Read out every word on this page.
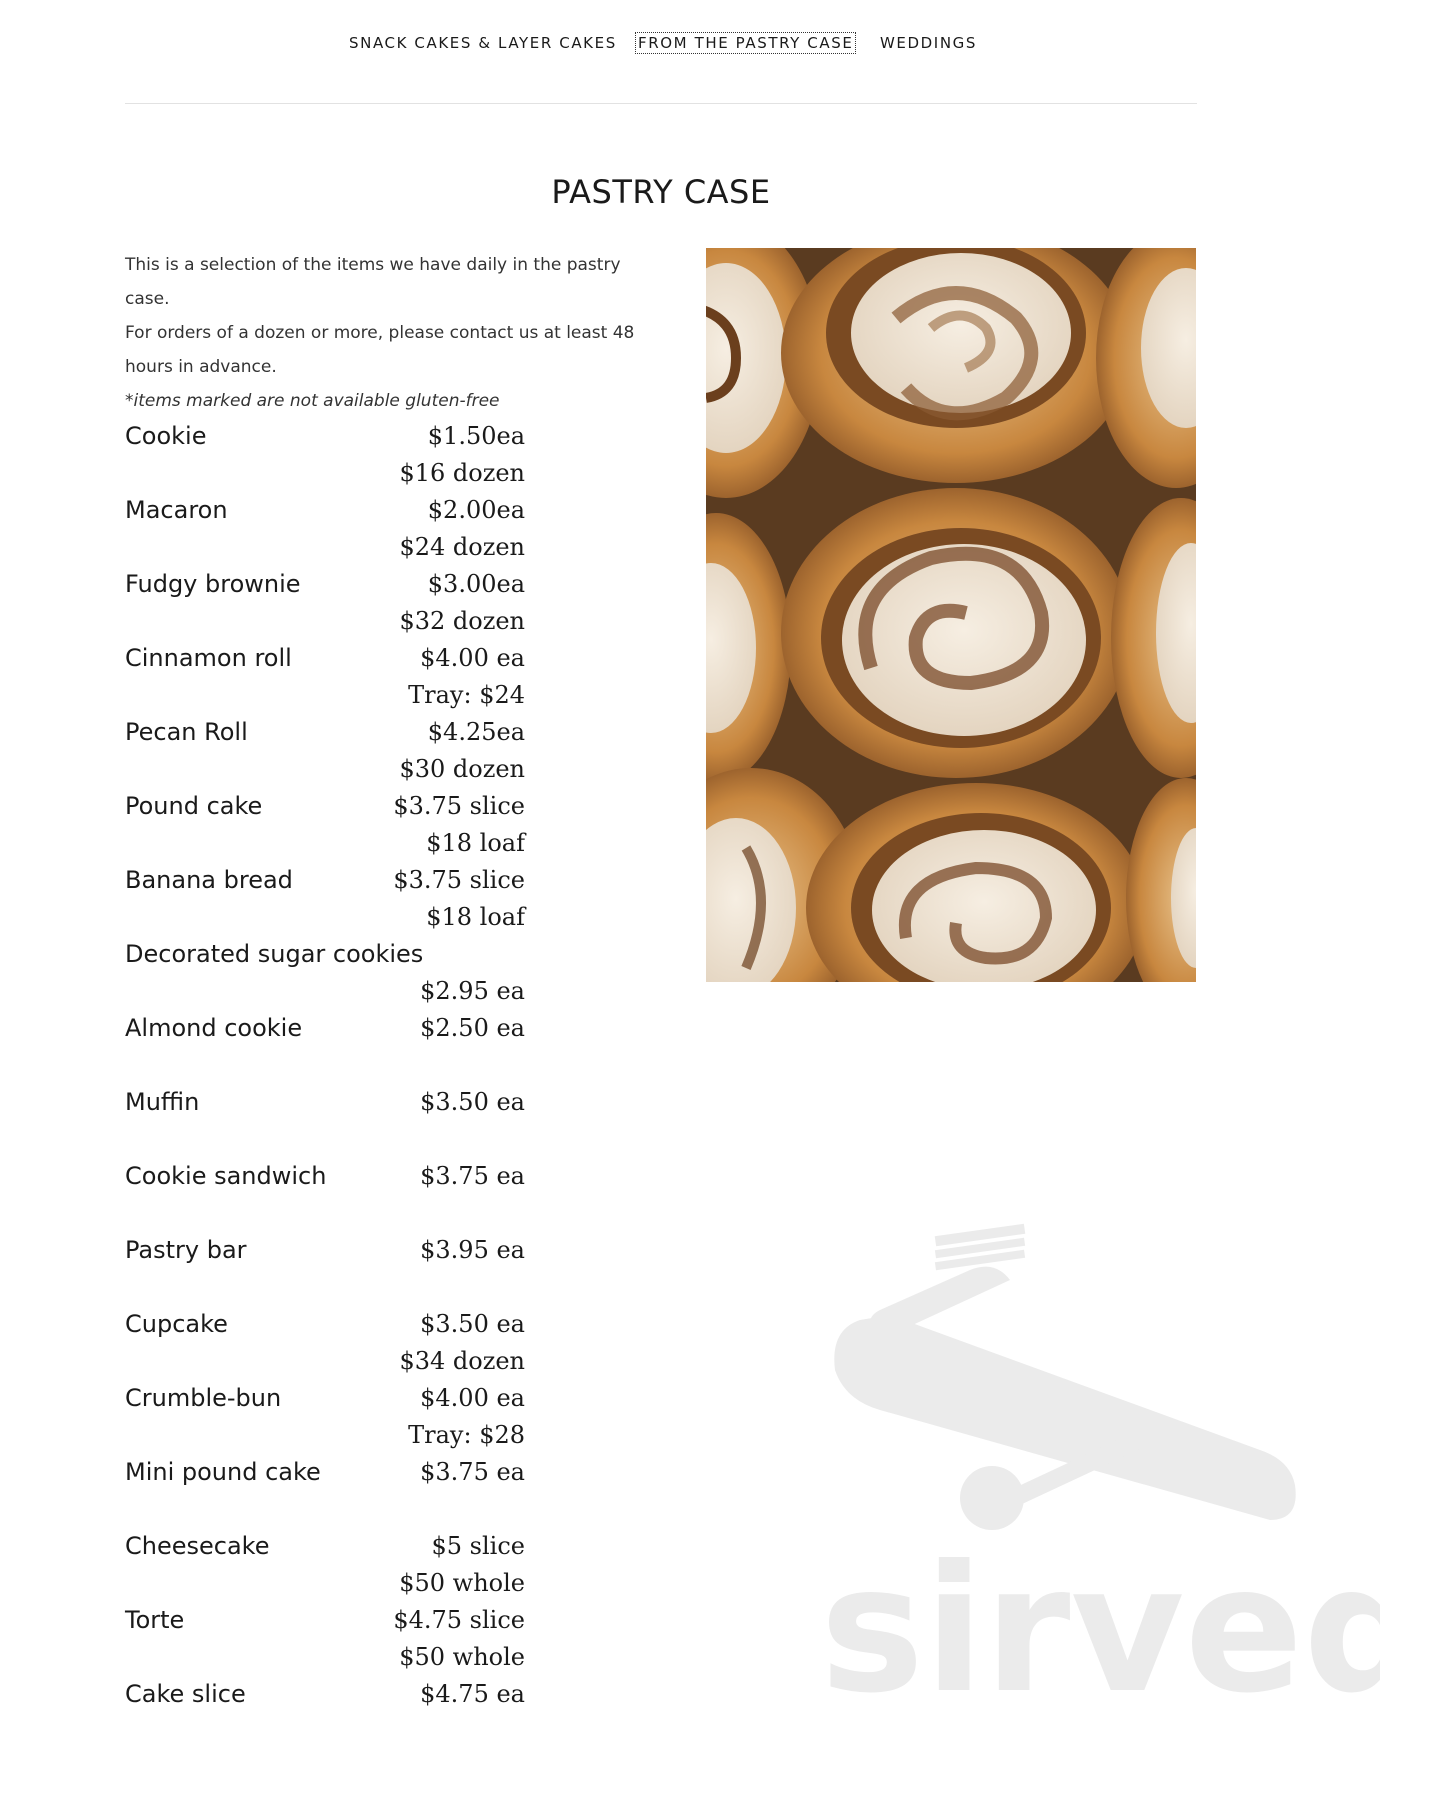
SNACK CAKES & LAYER CAKES FROM THE PASTRY CASE WEDDINGS
PASTRY CASE

This is a selection of the items we have daily in the pastry case.

For orders of a dozen or more, please contact us at least 48

hours in advance.

*items marked are not available gluten-free

Cookie	$1.50ea
$16 dozen
Macaron	$2.00ea
$24 dozen
Fudgy brownie	$3.00ea
$32 dozen
Cinnamon roll	$4.00 ea
Tray: $24
Pecan Roll	$4.25ea
$30 dozen
Pound cake	$3.75 slice
$18 loaf
Banana bread	$3.75 slice
$18 loaf
Decorated sugar cookies
$2.95 ea
Almond cookie	$2.50 ea
Muffin	$3.50 ea
Cookie sandwich	$3.75 ea
Pastry bar	$3.95 ea
Cupcake	$3.50 ea
$34 dozen
Crumble-bun	$4.00 ea
Tray: $28
Mini pound cake	$3.75 ea
Cheesecake	$5 slice
$50 whole
Torte	$4.75 slice
$50 whole
Cake slice	$4.75 ea sirved
